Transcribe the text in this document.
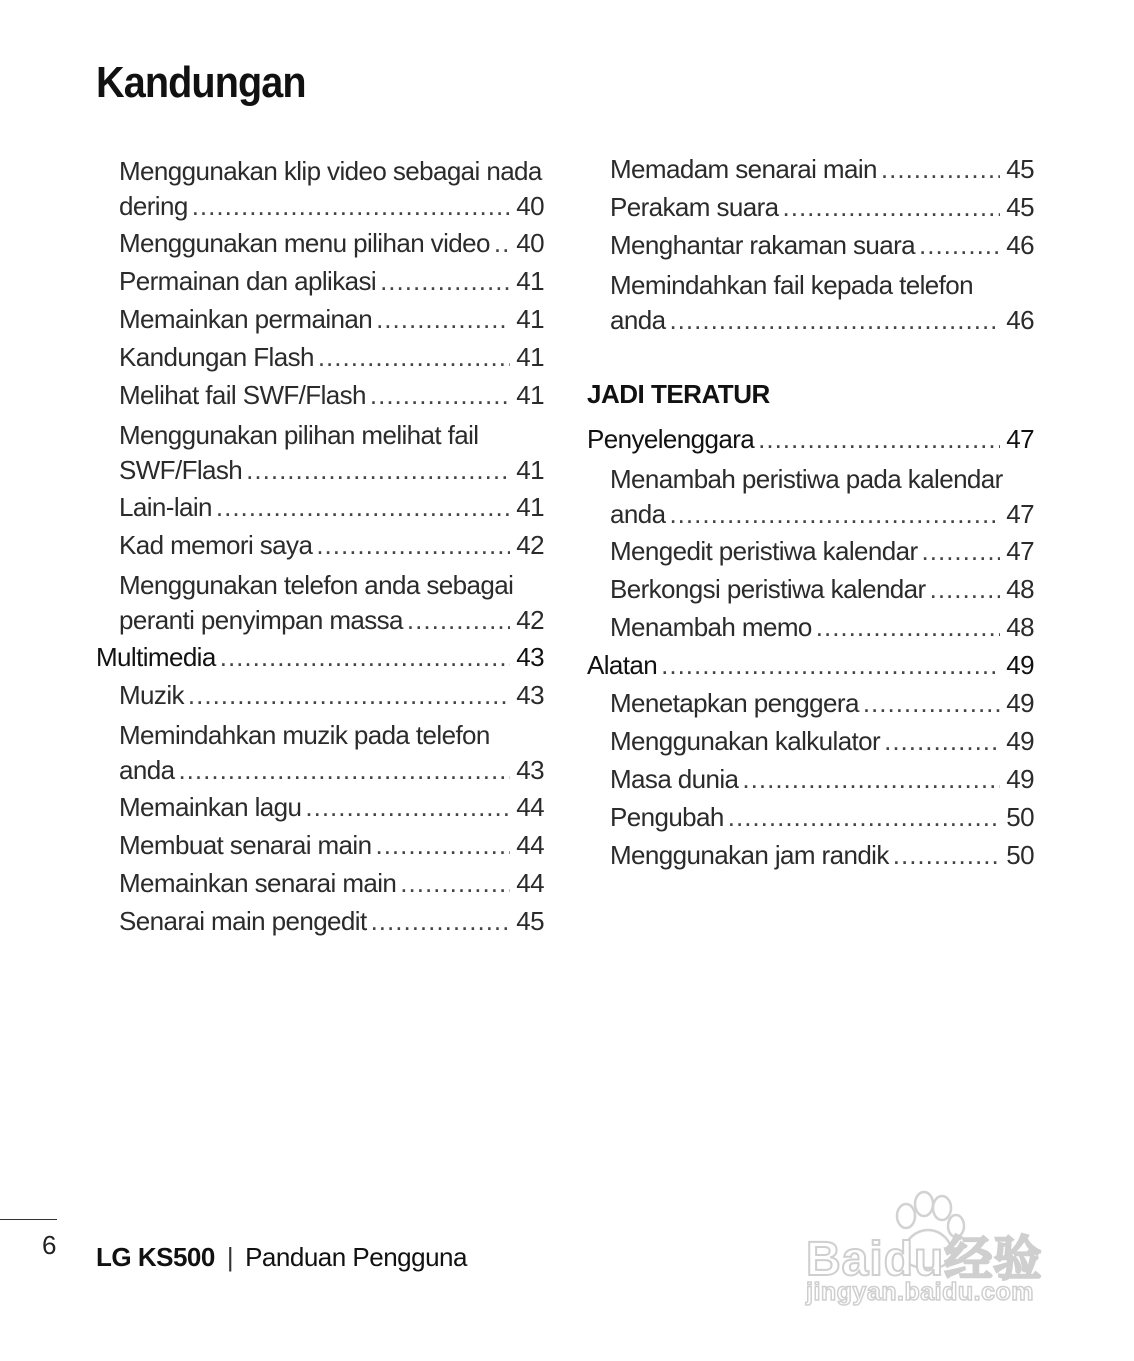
Kandungan
Menggunakan klip video sebagai nada
dering .....	40
Menggunakan menu pilihan video ..... 40
Permainan dan aplikasi .....	41
Memainkan permainan .....	41
Kandungan Flash .....	41
Melihat fail SWF/Flash .....	41
Menggunakan pilihan melihat fail
SWF/Flash .....	41
Lain-lain .....	41
Kad memori saya .....	42
Menggunakan telefon anda sebagai
peranti penyimpan massa .....	42
Multimedia .....	43
Muzik .....	43
Memindahkan muzik pada telefon
anda .....	43
Memainkan lagu .....	44
Membuat senarai main .....	44
Memainkan senarai main .....	44
Senarai main pengedit .....	45
Memadam senarai main .....	45
Perakam suara .....	45
Menghantar rakaman suara .....	46
Memindahkan fail kepada telefon
anda .....	46
JADI TERATUR
Penyelenggara .....	47
Menambah peristiwa pada kalendar
anda .....	47
Mengedit peristiwa kalendar .....	47
Berkongsi peristiwa kalendar .....	48
Menambah memo .....	48
Alatan .....	49
Menetapkan penggera .....	49
Menggunakan kalkulator .....	49
Masa dunia .....	49
Pengubah .....	50
Menggunakan jam randik .....	50
6 LG KS500 | Panduan Pengguna	Baidu经验
jingyan.baidu.com
